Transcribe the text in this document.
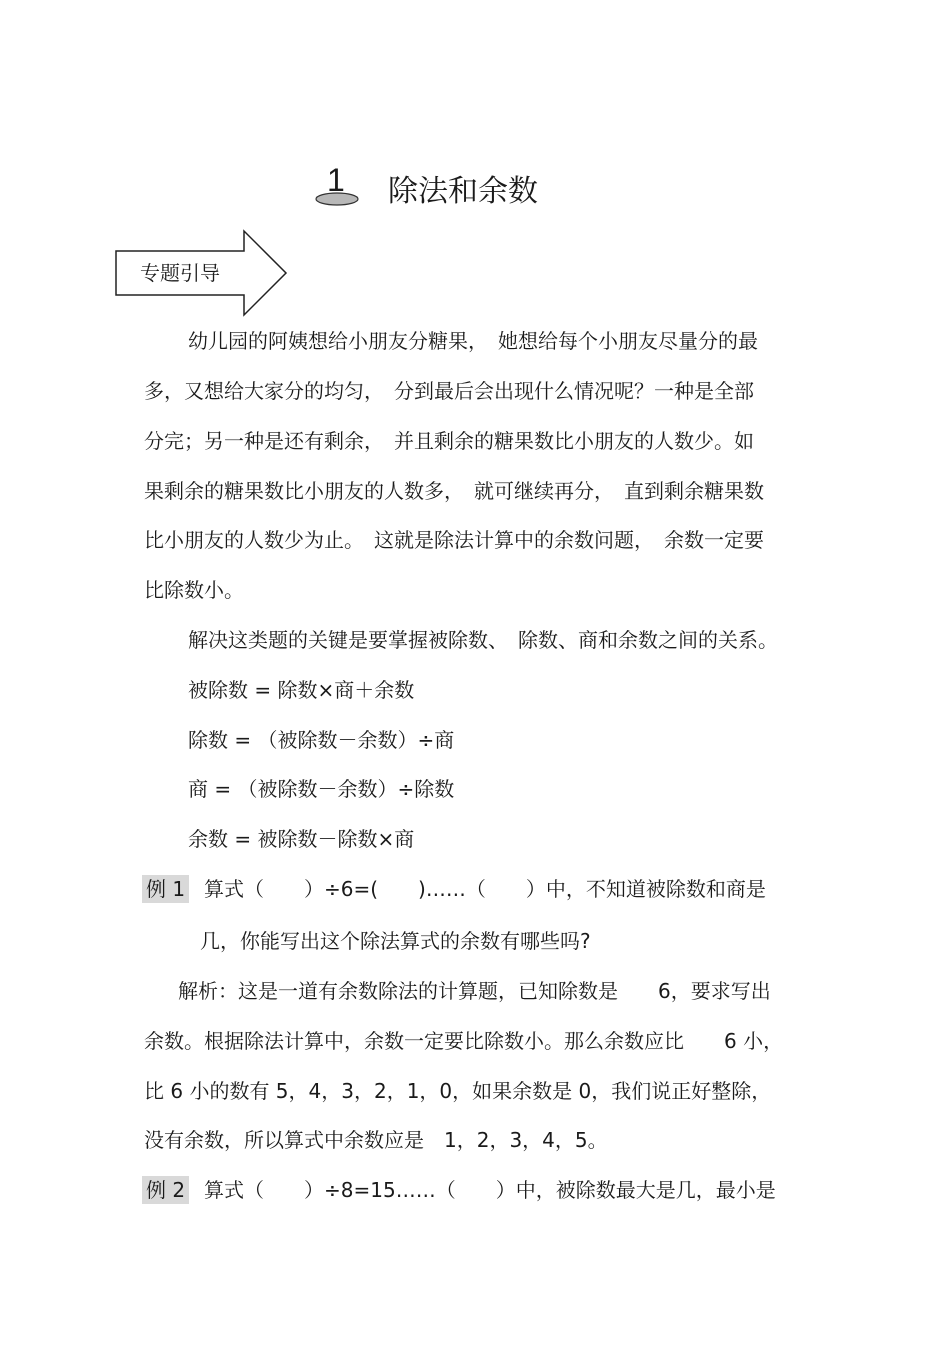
1 除法和余数
专题引导
幼儿园的阿姨想给小朋友分糖果，　她想给每个小朋友尽量分的最
多，又想给大家分的均匀，　分到最后会出现什么情况呢？一种是全部
分完；另一种是还有剩余，　并且剩余的糖果数比小朋友的人数少。如
果剩余的糖果数比小朋友的人数多，　就可继续再分，　直到剩余糖果数
比小朋友的人数少为止。　这就是除法计算中的余数问题，　余数一定要
比除数小。
解决这类题的关键是要掌握被除数、　除数、商和余数之间的关系。
被除数 = 除数×商＋余数
除数 = （被除数－余数）÷商
商 = （被除数－余数）÷除数
余数 = 被除数－除数×商
例 1 算式（　　）÷6=(　　)……（　　）中，不知道被除数和商是
几，你能写出这个除法算式的余数有哪些吗?
解析：这是一道有余数除法的计算题，已知除数是　　6，要求写出
余数。根据除法计算中，余数一定要比除数小。那么余数应比　　6 小，
比 6 小的数有 5，4，3，2，1，0，如果余数是 0，我们说正好整除，
没有余数，所以算式中余数应是　1，2，3，4，5。
例 2 算式（　　）÷8=15……（　　）中，被除数最大是几，最小是
